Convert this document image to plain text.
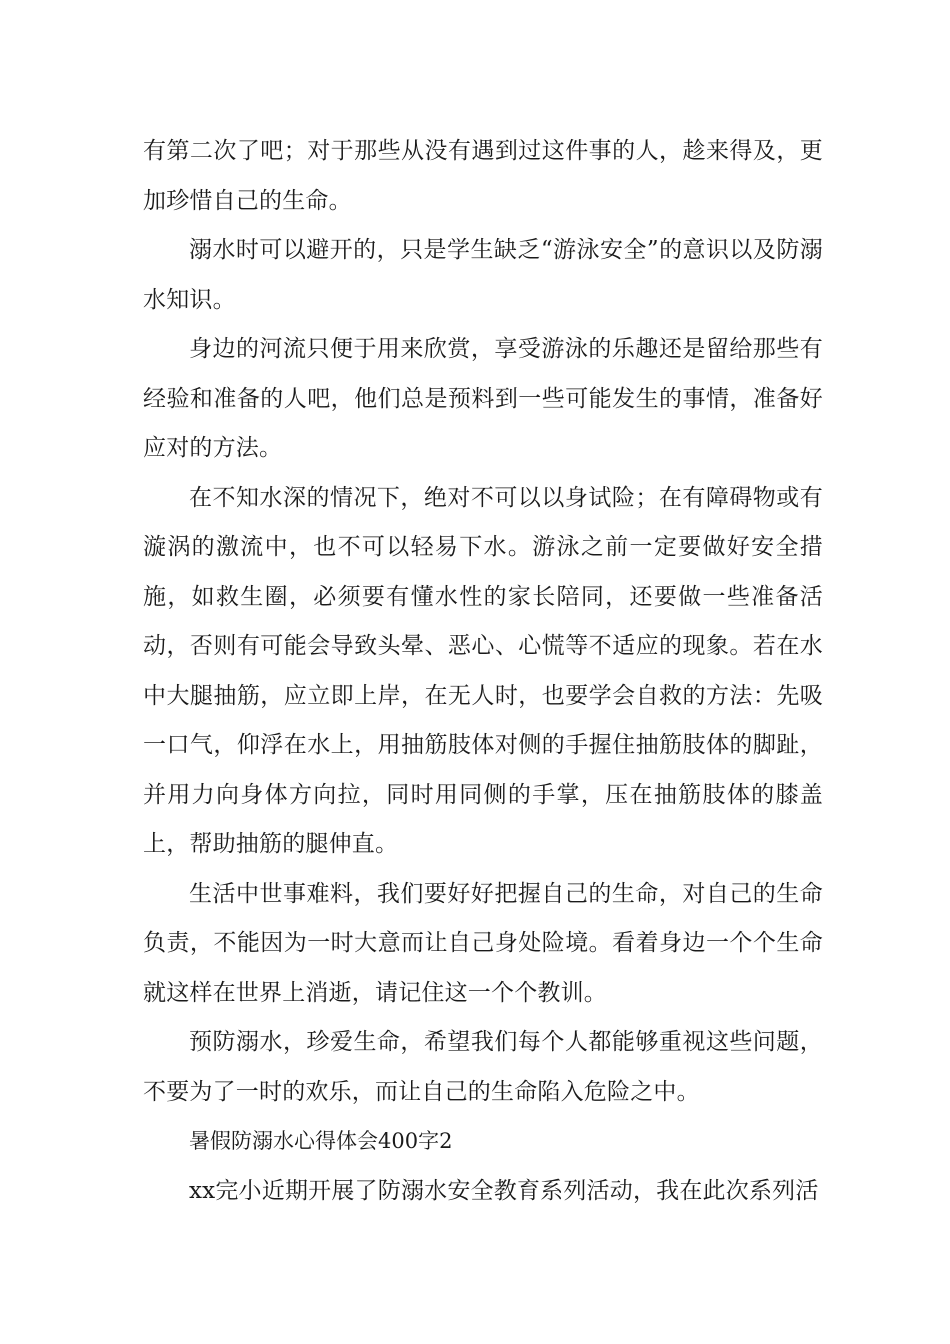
有第二次了吧；对于那些从没有遇到过这件事的人，趁来得及，更加珍惜自己的生命。

溺水时可以避开的，只是学生缺乏“游泳安全”的意识以及防溺水知识。

身边的河流只便于用来欣赏，享受游泳的乐趣还是留给那些有经验和准备的人吧，他们总是预料到一些可能发生的事情，准备好应对的方法。

在不知水深的情况下，绝对不可以以身试险；在有障碍物或有漩涡的激流中，也不可以轻易下水。游泳之前一定要做好安全措施，如救生圈，必须要有懂水性的家长陪同，还要做一些准备活动，否则有可能会导致头晕、恶心、心慌等不适应的现象。若在水中大腿抽筋，应立即上岸，在无人时，也要学会自救的方法：先吸一口气，仰浮在水上，用抽筋肢体对侧的手握住抽筋肢体的脚趾，并用力向身体方向拉，同时用同侧的手掌，压在抽筋肢体的膝盖上，帮助抽筋的腿伸直。

生活中世事难料，我们要好好把握自己的生命，对自己的生命负责，不能因为一时大意而让自己身处险境。看着身边一个个生命就这样在世界上消逝，请记住这一个个教训。

预防溺水，珍爱生命，希望我们每个人都能够重视这些问题，不要为了一时的欢乐，而让自己的生命陷入危险之中。

暑假防溺水心得体会400字2

xx完小近期开展了防溺水安全教育系列活动，我在此次系列活
